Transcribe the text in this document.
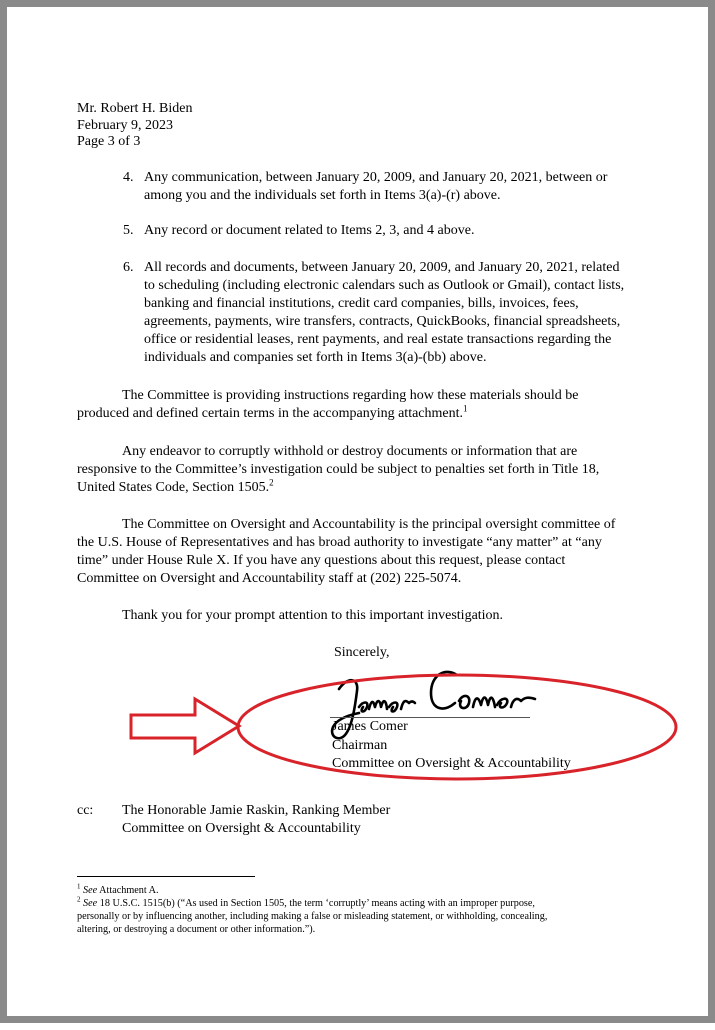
Mr. Robert H. Biden
February 9, 2023
Page 3 of 3
4. Any communication, between January 20, 2009, and January 20, 2021, between or
among you and the individuals set forth in Items 3(a)-(r) above.
5. Any record or document related to Items 2, 3, and 4 above.
6. All records and documents, between January 20, 2009, and January 20, 2021, related
to scheduling (including electronic calendars such as Outlook or Gmail), contact lists,
banking and financial institutions, credit card companies, bills, invoices, fees,
agreements, payments, wire transfers, contracts, QuickBooks, financial spreadsheets,
office or residential leases, rent payments, and real estate transactions regarding the
individuals and companies set forth in Items 3(a)-(bb) above.
The Committee is providing instructions regarding how these materials should be
produced and defined certain terms in the accompanying attachment.$^1$
Any endeavor to corruptly withhold or destroy documents or information that are
responsive to the Committee’s investigation could be subject to penalties set forth in Title 18,
United States Code, Section 1505.$^2$
The Committee on Oversight and Accountability is the principal oversight committee of
the U.S. House of Representatives and has broad authority to investigate “any matter” at “any
time” under House Rule X. If you have any questions about this request, please contact
Committee on Oversight and Accountability staff at (202) 225-5074.
Thank you for your prompt attention to this important investigation.
Sincerely,
James Comer
Chairman
Committee on Oversight & Accountability
cc: The Honorable Jamie Raskin, Ranking Member
Committee on Oversight & Accountability
$^1$ See Attachment A.
$^2$ See 18 U.S.C. 1515(b) (“As used in Section 1505, the term ‘corruptly’ means acting with an improper purpose,
personally or by influencing another, including making a false or misleading statement, or withholding, concealing,
altering, or destroying a document or other information.”).
